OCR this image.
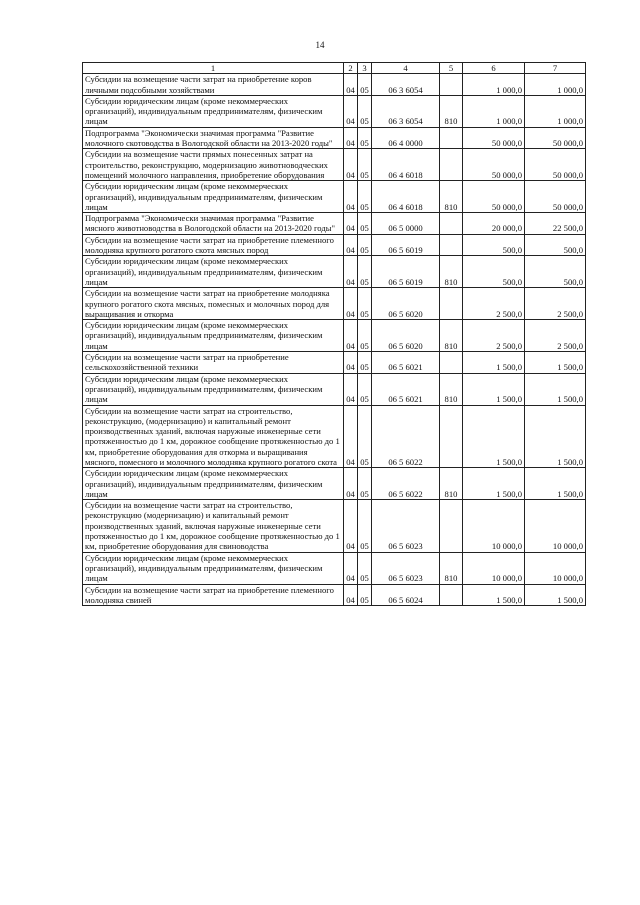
14
1	2	3	4	5	6	7
Субсидии на возмещение части затрат на приобретение коров личными подсобными хозяйствами	04	05	06 3 6054		1 000,0	1 000,0
Субсидии юридическим лицам (кроме некоммерческих организаций), индивидуальным предпринимателям, физическим лицам	04	05	06 3 6054	810	1 000,0	1 000,0
Подпрограмма "Экономически значимая программа "Развитие молочного скотоводства в Вологодской области на 2013-2020 годы"	04	05	06 4 0000		50 000,0	50 000,0
Субсидии на возмещение части прямых понесенных затрат на строительство, реконструкцию, модернизацию животноводческих помещений молочного направления, приобретение оборудования	04	05	06 4 6018		50 000,0	50 000,0
Субсидии юридическим лицам (кроме некоммерческих организаций), индивидуальным предпринимателям, физическим лицам	04	05	06 4 6018	810	50 000,0	50 000,0
Подпрограмма "Экономически значимая программа "Развитие мясного животноводства в Вологодской области на 2013-2020 годы"	04	05	06 5 0000		20 000,0	22 500,0
Субсидии на возмещение части затрат на приобретение племенного молодняка крупного рогатого скота мясных пород	04	05	06 5 6019		500,0	500,0
Субсидии юридическим лицам (кроме некоммерческих организаций), индивидуальным предпринимателям, физическим лицам	04	05	06 5 6019	810	500,0	500,0
Субсидии на возмещение части затрат на приобретение молодняка крупного рогатого скота мясных, помесных и молочных пород для выращивания и откорма	04	05	06 5 6020		2 500,0	2 500,0
Субсидии юридическим лицам (кроме некоммерческих организаций), индивидуальным предпринимателям, физическим лицам	04	05	06 5 6020	810	2 500,0	2 500,0
Субсидии на возмещение части затрат на приобретение сельскохозяйственной техники	04	05	06 5 6021		1 500,0	1 500,0
Субсидии юридическим лицам (кроме некоммерческих организаций), индивидуальным предпринимателям, физическим лицам	04	05	06 5 6021	810	1 500,0	1 500,0
Субсидии на возмещение части затрат на строительство, реконструкцию, (модернизацию) и капитальный ремонт производственных зданий, включая наружные инженерные сети протяженностью до 1 км, дорожное сообщение протяженностью до 1 км, приобретение оборудования для откорма и выращивания мясного, помесного и молочного молодняка крупного рогатого скота	04	05	06 5 6022		1 500,0	1 500,0
Субсидии юридическим лицам (кроме некоммерческих организаций), индивидуальным предпринимателям, физическим лицам	04	05	06 5 6022	810	1 500,0	1 500,0
Субсидии на возмещение части затрат на строительство, реконструкцию (модернизацию) и капитальный ремонт производственных зданий, включая наружные инженерные сети протяженностью до 1 км, дорожное сообщение протяженностью до 1 км, приобретение оборудования для свиноводства	04	05	06 5 6023		10 000,0	10 000,0
Субсидии юридическим лицам (кроме некоммерческих организаций), индивидуальным предпринимателям, физическим лицам	04	05	06 5 6023	810	10 000,0	10 000,0
Субсидии на возмещение части затрат на приобретение племенного молодняка свиней	04	05	06 5 6024		1 500,0	1 500,0
